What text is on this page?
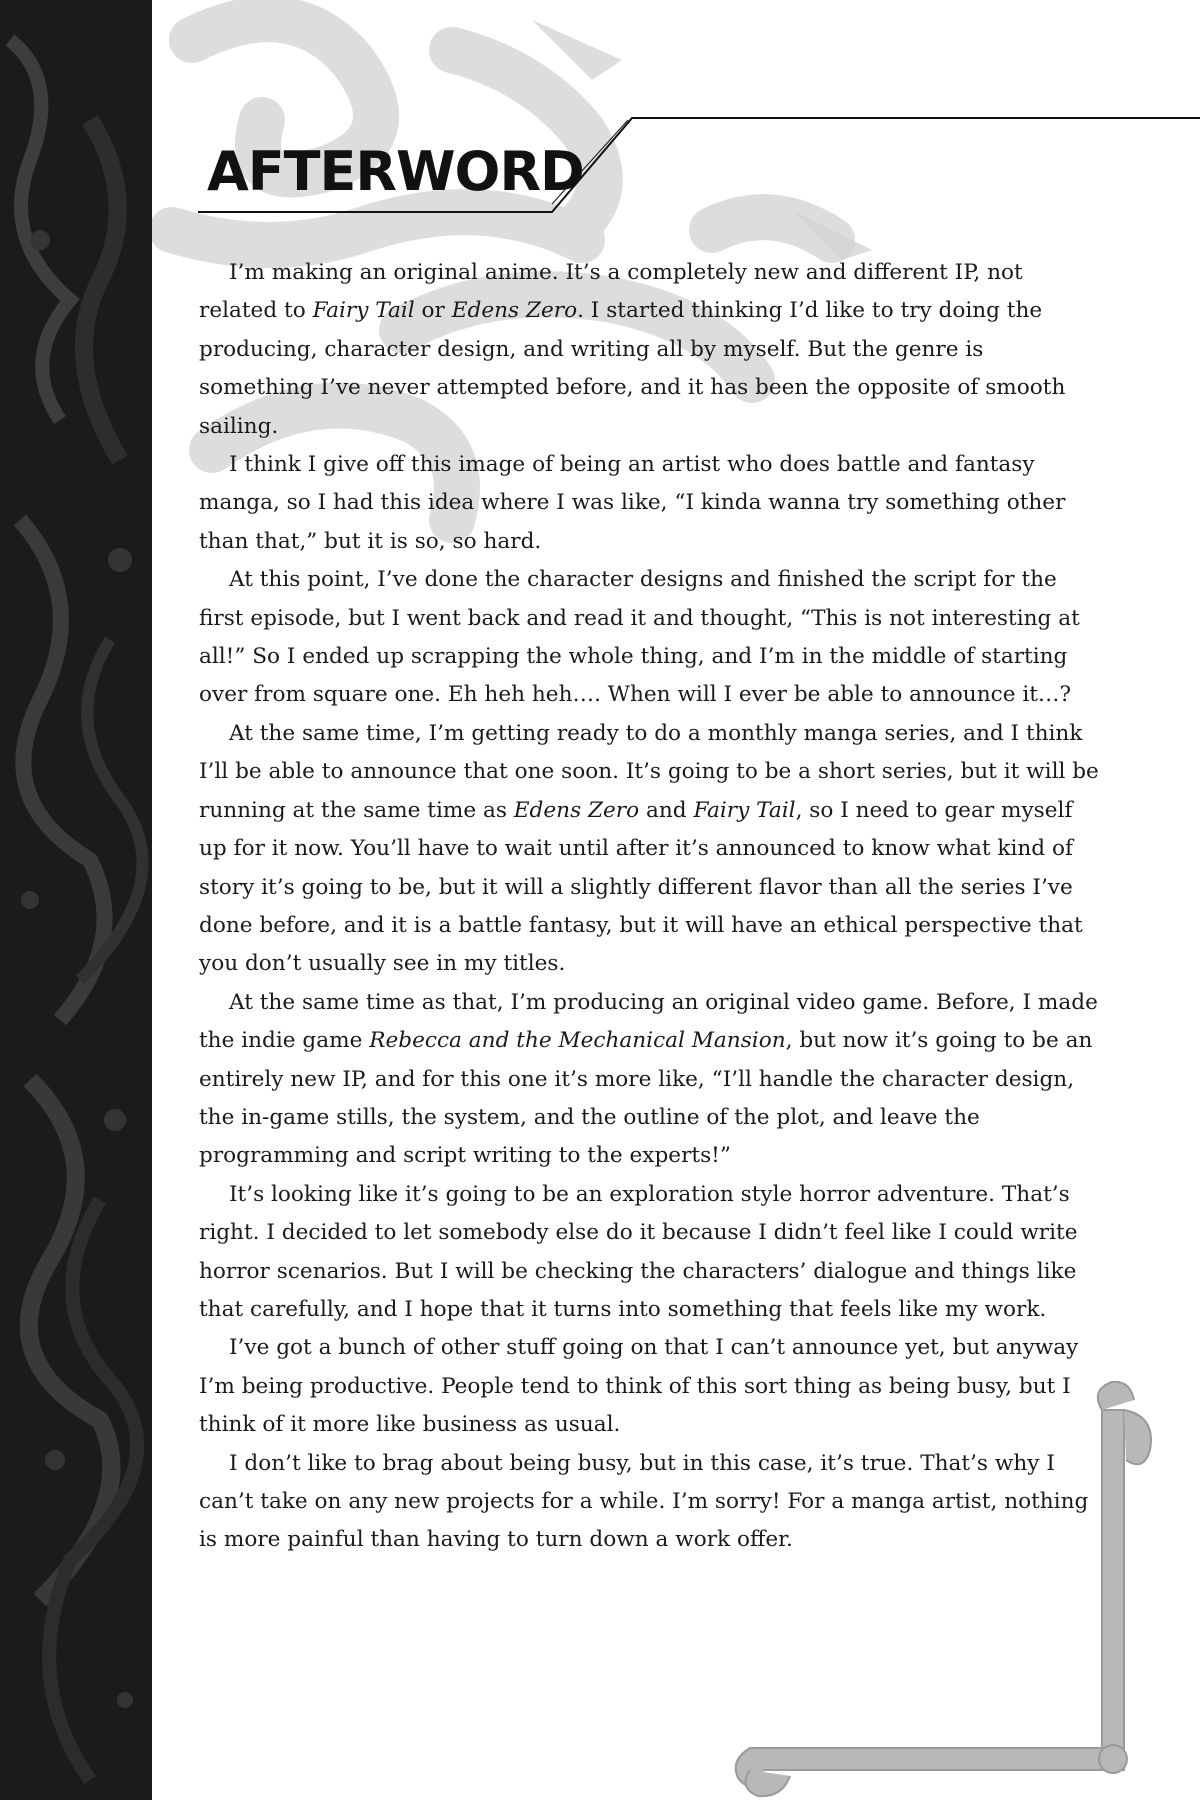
AFTERWORD

I’m making an original anime. It’s a completely new and different IP, not related to Fairy Tail or Edens Zero. I started thinking I’d like to try doing the producing, character design, and writing all by myself. But the genre is something I’ve never attempted before, and it has been the opposite of smooth sailing.

I think I give off this image of being an artist who does battle and fantasy manga, so I had this idea where I was like, “I kinda wanna try something other than that,” but it is so, so hard.

At this point, I’ve done the character designs and finished the script for the first episode, but I went back and read it and thought, “This is not interesting at all!” So I ended up scrapping the whole thing, and I’m in the middle of starting over from square one. Eh heh heh…. When will I ever be able to announce it…?

At the same time, I’m getting ready to do a monthly manga series, and I think I’ll be able to announce that one soon. It’s going to be a short series, but it will be running at the same time as Edens Zero and Fairy Tail, so I need to gear myself up for it now. You’ll have to wait until after it’s announced to know what kind of story it’s going to be, but it will a slightly different flavor than all the series I’ve done before, and it is a battle fantasy, but it will have an ethical perspective that you don’t usually see in my titles.

At the same time as that, I’m producing an original video game. Before, I made the indie game Rebecca and the Mechanical Mansion, but now it’s going to be an entirely new IP, and for this one it’s more like, “I’ll handle the character design, the in-game stills, the system, and the outline of the plot, and leave the programming and script writing to the experts!”

It’s looking like it’s going to be an exploration style horror adventure. That’s right. I decided to let somebody else do it because I didn’t feel like I could write horror scenarios. But I will be checking the characters’ dialogue and things like that carefully, and I hope that it turns into something that feels like my work.

I’ve got a bunch of other stuff going on that I can’t announce yet, but anyway I’m being productive. People tend to think of this sort thing as being busy, but I think of it more like business as usual.

I don’t like to brag about being busy, but in this case, it’s true. That’s why I can’t take on any new projects for a while. I’m sorry! For a manga artist, nothing is more painful than having to turn down a work offer.
